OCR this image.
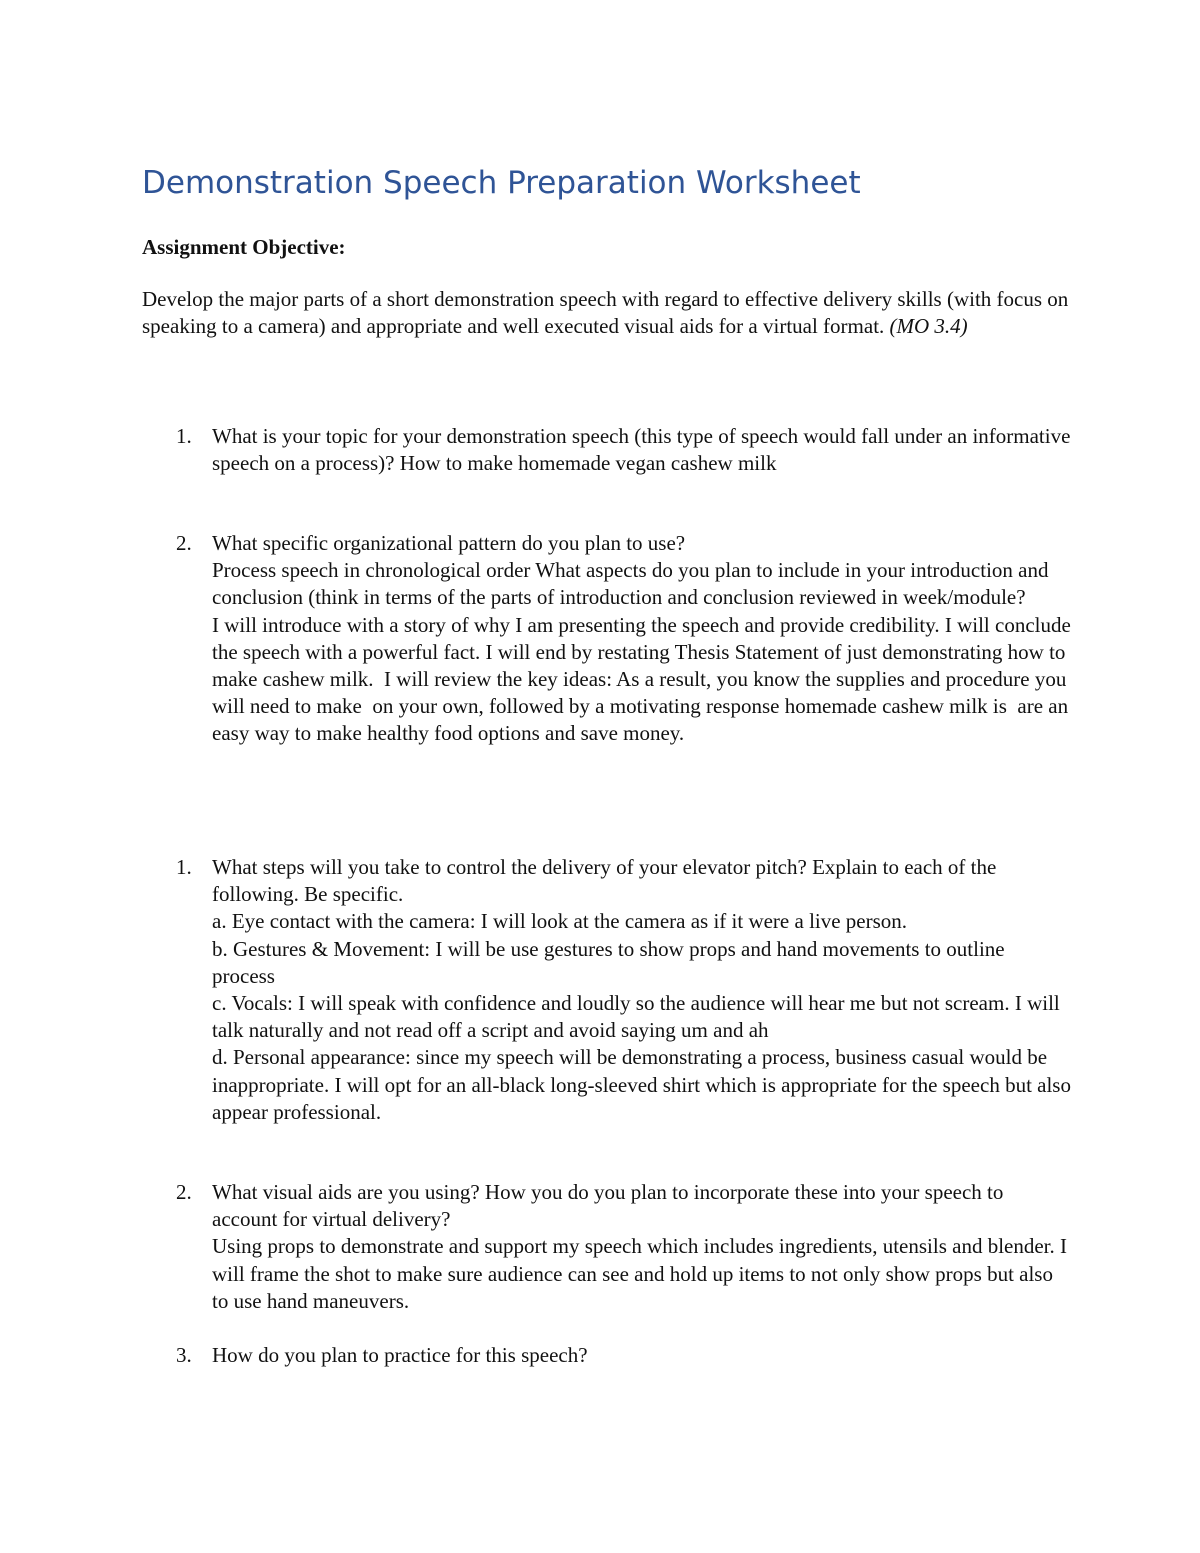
Demonstration Speech Preparation Worksheet

Assignment Objective:

Develop the major parts of a short demonstration speech with regard to effective delivery skills (with focus on speaking to a camera) and appropriate and well executed visual aids for a virtual format. (MO 3.4)

1. What is your topic for your demonstration speech (this type of speech would fall under an informative speech on a process)? How to make homemade vegan cashew milk
2. What specific organizational pattern do you plan to use?
Process speech in chronological order What aspects do you plan to include in your introduction and conclusion (think in terms of the parts of introduction and conclusion reviewed in week/module?
I will introduce with a story of why I am presenting the speech and provide credibility. I will conclude the speech with a powerful fact. I will end by restating Thesis Statement of just demonstrating how to make cashew milk.  I will review the key ideas: As a result, you know the supplies and procedure you will need to make  on your own, followed by a motivating response homemade cashew milk is  are an easy way to make healthy food options and save money.
1. What steps will you take to control the delivery of your elevator pitch? Explain to each of the following. Be specific.
a. Eye contact with the camera: I will look at the camera as if it were a live person.
b. Gestures & Movement: I will be use gestures to show props and hand movements to outline process
c. Vocals: I will speak with confidence and loudly so the audience will hear me but not scream. I will talk naturally and not read off a script and avoid saying um and ah
d. Personal appearance: since my speech will be demonstrating a process, business casual would be inappropriate. I will opt for an all-black long-sleeved shirt which is appropriate for the speech but also appear professional.
2. What visual aids are you using? How you do you plan to incorporate these into your speech to account for virtual delivery?
Using props to demonstrate and support my speech which includes ingredients, utensils and blender. I will frame the shot to make sure audience can see and hold up items to not only show props but also to use hand maneuvers.
3. How do you plan to practice for this speech?
